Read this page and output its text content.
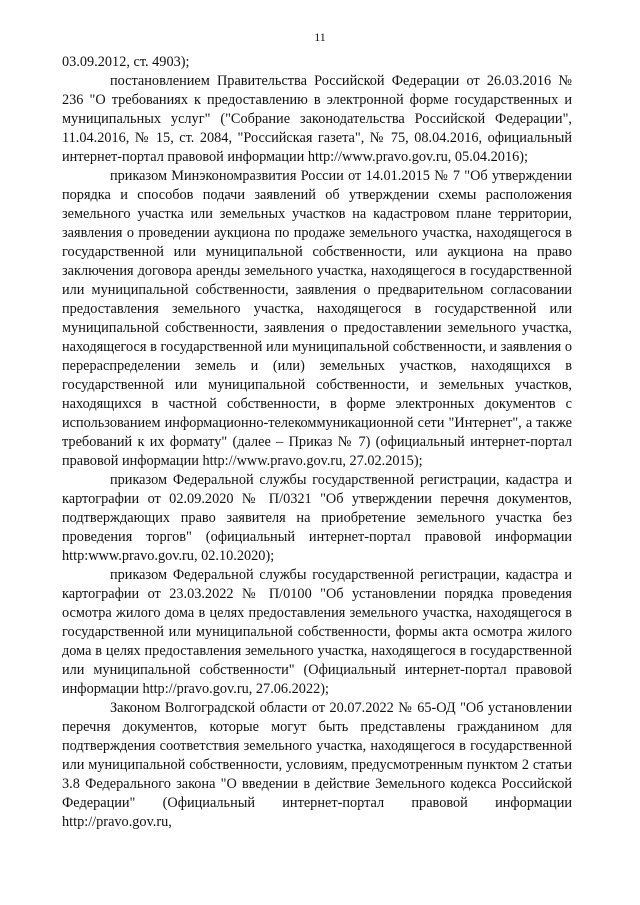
11

03.09.2012, ст. 4903);

постановлением Правительства Российской Федерации от 26.03.2016 № 236 "О требованиях к предоставлению в электронной форме государственных и муниципальных услуг" ("Собрание законодательства Российской Федерации", 11.04.2016, № 15, ст. 2084, "Российская газета", № 75, 08.04.2016, официальный интернет-портал правовой информации http://www.pravo.gov.ru, 05.04.2016);

приказом Минэкономразвития России от 14.01.2015 № 7 "Об утверждении порядка и способов подачи заявлений об утверждении схемы расположения земельного участка или земельных участков на кадастровом плане территории, заявления о проведении аукциона по продаже земельного участка, находящегося в государственной или муниципальной собственности, или аукциона на право заключения договора аренды земельного участка, находящегося в государственной или муниципальной собственности, заявления о предварительном согласовании предоставления земельного участка, находящегося в государственной или муниципальной собственности, заявления о предоставлении земельного участка, находящегося в государственной или муниципальной собственности, и заявления о перераспределении земель и (или) земельных участков, находящихся в государственной или муниципальной собственности, и земельных участков, находящихся в частной собственности, в форме электронных документов с использованием информационно-телекоммуникационной сети "Интернет", а также требований к их формату" (далее – Приказ № 7) (официальный интернет-портал правовой информации http://www.pravo.gov.ru, 27.02.2015);

приказом Федеральной службы государственной регистрации, кадастра и картографии от 02.09.2020 № П/0321 "Об утверждении перечня документов, подтверждающих право заявителя на приобретение земельного участка без проведения торгов" (официальный интернет-портал правовой информации http:www.pravo.gov.ru, 02.10.2020);

приказом Федеральной службы государственной регистрации, кадастра и картографии от 23.03.2022 № П/0100 "Об установлении порядка проведения осмотра жилого дома в целях предоставления земельного участка, находящегося в государственной или муниципальной собственности, формы акта осмотра жилого дома в целях предоставления земельного участка, находящегося в государственной или муниципальной собственности" (Официальный интернет-портал правовой информации http://pravo.gov.ru, 27.06.2022);

Законом Волгоградской области от 20.07.2022 № 65-ОД "Об установлении перечня документов, которые могут быть представлены гражданином для подтверждения соответствия земельного участка, находящегося в государственной или муниципальной собственности, условиям, предусмотренным пунктом 2 статьи 3.8 Федерального закона "О введении в действие Земельного кодекса Российской Федерации" (Официальный интернет-портал правовой информации http://pravo.gov.ru,
